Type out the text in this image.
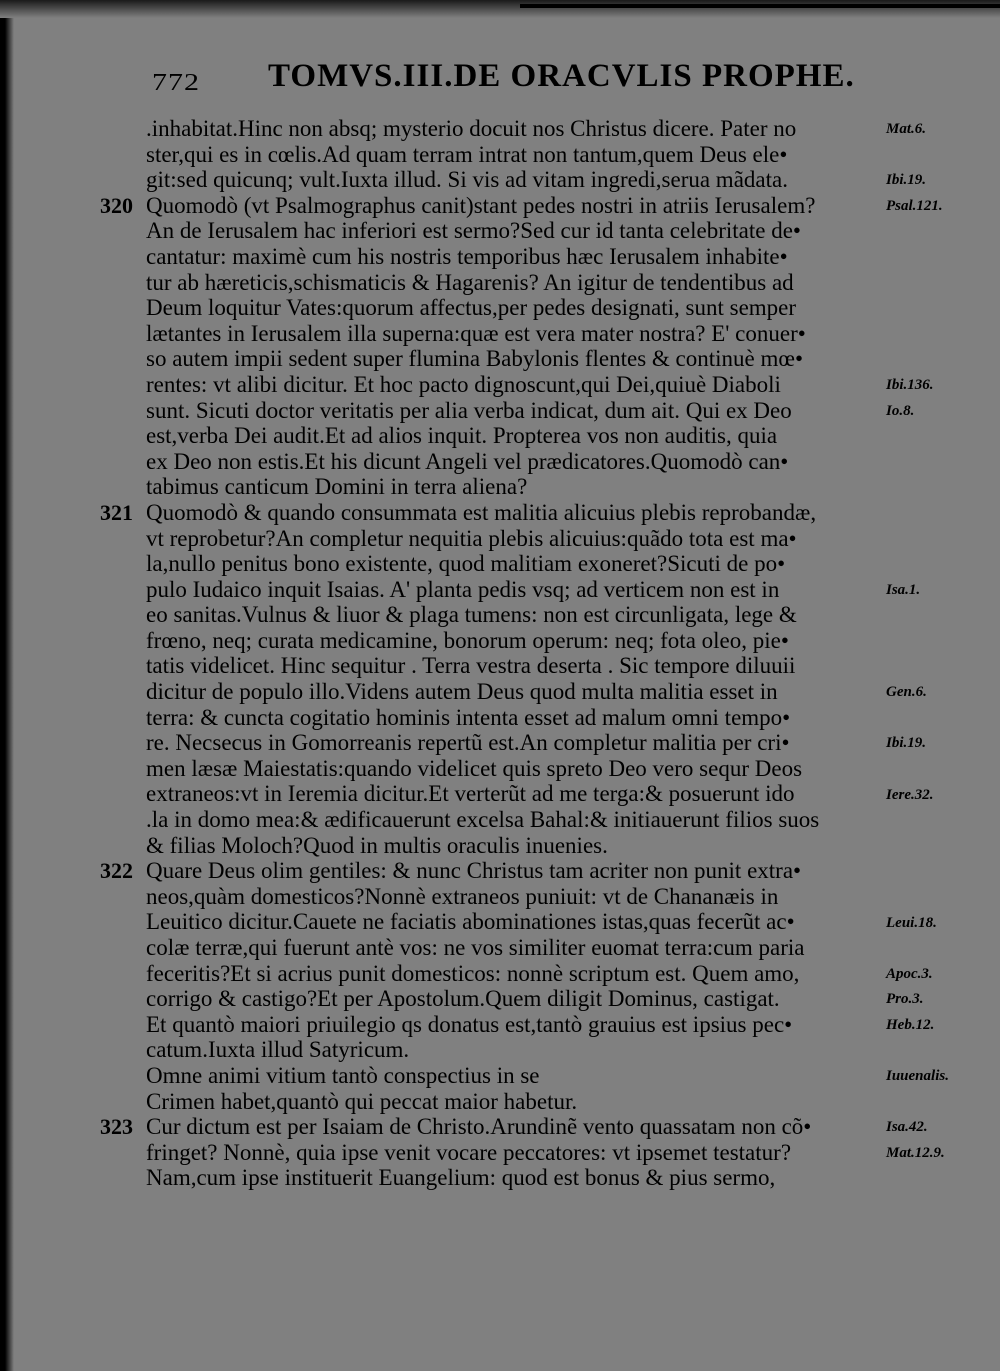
772 TOMVS.III.DE ORACVLIS PROPHE.
.inhabitat.Hinc non absq; mysterio docuit nos Christus dicere. Pater no
ster,qui es in cœlis.Ad quam terram intrat non tantum,quem Deus ele•
git:sed quicunq; vult.Iuxta illud. Si vis ad vitam ingredi,serua mãdata.
320 Quomodò (vt Psalmographus canit)stant pedes nostri in atriis Ierusalem?
An de Ierusalem hac inferiori est sermo?Sed cur id tanta celebritate de•
cantatur: maximè cum his nostris temporibus hæc Ierusalem inhabite•
tur ab hæreticis,schismaticis & Hagarenis? An igitur de tendentibus ad
Deum loquitur Vates:quorum affectus,per pedes designati, sunt semper
lætantes in Ierusalem illa superna:quæ est vera mater nostra? E' conuer•
so autem impii sedent super flumina Babylonis flentes & continuè mœ•
rentes: vt alibi dicitur. Et hoc pacto dignoscunt,qui Dei,quiuè Diaboli
sunt. Sicuti doctor veritatis per alia verba indicat, dum ait. Qui ex Deo
est,verba Dei audit.Et ad alios inquit. Propterea vos non auditis, quia
ex Deo non estis.Et his dicunt Angeli vel prædicatores.Quomodò can•
tabimus canticum Domini in terra aliena?
321 Quomodò & quando consummata est malitia alicuius plebis reprobandæ,
vt reprobetur?An completur nequitia plebis alicuius:quãdo tota est ma•
la,nullo penitus bono existente, quod malitiam exoneret?Sicuti de po•
pulo Iudaico inquit Isaias. A' planta pedis vsq; ad verticem non est in
eo sanitas.Vulnus & liuor & plaga tumens: non est circunligata, lege &
frœno, neq; curata medicamine, bonorum operum: neq; fota oleo, pie•
tatis videlicet. Hinc sequitur . Terra vestra deserta . Sic tempore diluuii
dicitur de populo illo.Videns autem Deus quod multa malitia esset in
terra: & cuncta cogitatio hominis intenta esset ad malum omni tempo•
re. Necsecus in Gomorreanis repertũ est.An completur malitia per cri•
men læsæ Maiestatis:quando videlicet quis spreto Deo vero sequr Deos
extraneos:vt in Ieremia dicitur.Et verterũt ad me terga:& posuerunt ido
.la in domo mea:& ædificauerunt excelsa Bahal:& initiauerunt filios suos
& filias Moloch?Quod in multis oraculis inuenies.
322 Quare Deus olim gentiles: & nunc Christus tam acriter non punit extra•
neos,quàm domesticos?Nonnè extraneos puniuit: vt de Chananæis in
Leuitico dicitur.Cauete ne faciatis abominationes istas,quas fecerũt ac•
colæ terræ,qui fuerunt antè vos: ne vos similiter euomat terra:cum paria
feceritis?Et si acrius punit domesticos: nonnè scriptum est. Quem amo,
corrigo & castigo?Et per Apostolum.Quem diligit Dominus, castigat.
Et quantò maiori priuilegio qs donatus est,tantò grauius est ipsius pec•
catum.Iuxta illud Satyricum.
Omne animi vitium tantò conspectius in se
Crimen habet,quantò qui peccat maior habetur.
323 Cur dictum est per Isaiam de Christo.Arundinẽ vento quassatam non cõ•
fringet? Nonnè, quia ipse venit vocare peccatores: vt ipsemet testatur?
Nam,cum ipse instituerit Euangelium: quod est bonus & pius sermo,
Mat.6.
Ibi.19.
Psal.121.
Ibi.136.
Io.8.
Isa.1.
Gen.6.
Ibi.19.
Iere.32.
Leui.18.
Apoc.3.
Pro.3.
Heb.12.
Iuuenalis.
Isa.42.
Mat.12.9.
